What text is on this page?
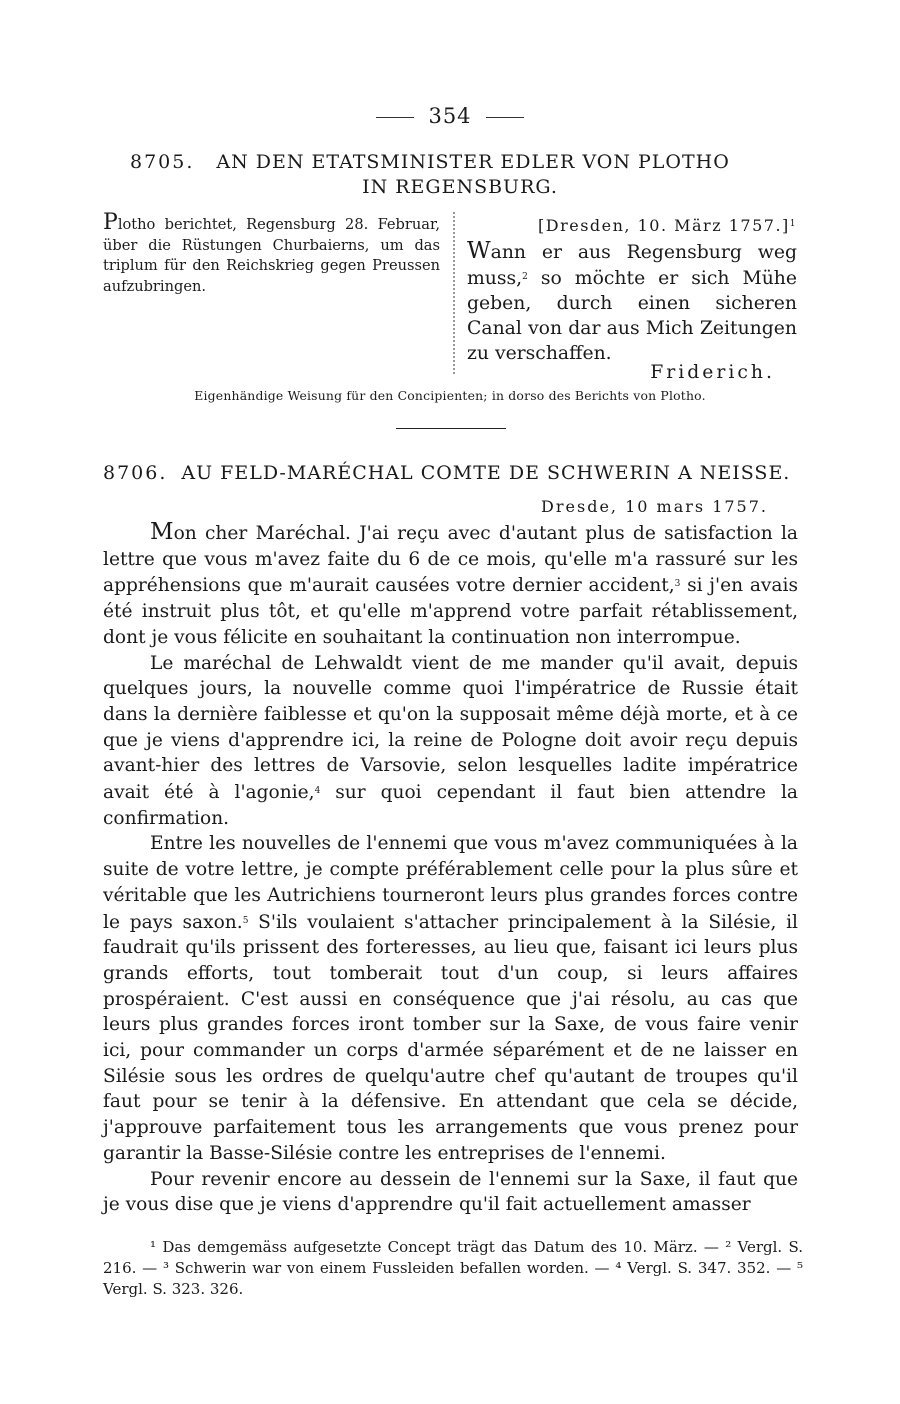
354
8705. AN DEN ETATSMINISTER EDLER VON PLOTHO
IN REGENSBURG.
Plotho berichtet, Regensburg 28. Februar, über die Rüstungen Churbaierns, um das triplum für den Reichskrieg gegen Preussen aufzubringen.
[Dresden, 10. März 1757.]$^1$
Wann er aus Regensburg weg muss,$^2$ so möchte er sich Mühe geben, durch einen sicheren Canal von dar aus Mich Zeitungen zu verschaffen.
Friderich.
Eigenhändige Weisung für den Concipienten; in dorso des Berichts von Plotho.
8706. AU FELD-MARÉCHAL COMTE DE SCHWERIN A NEISSE.
Dresde, 10 mars 1757.

Mon cher Maréchal. J'ai reçu avec d'autant plus de satisfaction la lettre que vous m'avez faite du 6 de ce mois, qu'elle m'a rassuré sur les appréhensions que m'aurait causées votre dernier accident,$^3$ si j'en avais été instruit plus tôt, et qu'elle m'apprend votre parfait rétablissement, dont je vous félicite en souhaitant la continuation non interrompue.

Le maréchal de Lehwaldt vient de me mander qu'il avait, depuis quelques jours, la nouvelle comme quoi l'impératrice de Russie était dans la dernière faiblesse et qu'on la supposait même déjà morte, et à ce que je viens d'apprendre ici, la reine de Pologne doit avoir reçu depuis avant-hier des lettres de Varsovie, selon lesquelles ladite impératrice avait été à l'agonie,$^4$ sur quoi cependant il faut bien attendre la confirmation.

Entre les nouvelles de l'ennemi que vous m'avez communiquées à la suite de votre lettre, je compte préférablement celle pour la plus sûre et véritable que les Autrichiens tourneront leurs plus grandes forces contre le pays saxon.$^5$ S'ils voulaient s'attacher principalement à la Silésie, il faudrait qu'ils prissent des forteresses, au lieu que, faisant ici leurs plus grands efforts, tout tomberait tout d'un coup, si leurs affaires prospéraient. C'est aussi en conséquence que j'ai résolu, au cas que leurs plus grandes forces iront tomber sur la Saxe, de vous faire venir ici, pour commander un corps d'armée séparément et de ne laisser en Silésie sous les ordres de quelqu'autre chef qu'autant de troupes qu'il faut pour se tenir à la défensive. En attendant que cela se décide, j'approuve parfaitement tous les arrangements que vous prenez pour garantir la Basse-Silésie contre les entreprises de l'ennemi.

Pour revenir encore au dessein de l'ennemi sur la Saxe, il faut que je vous dise que je viens d'apprendre qu'il fait actuellement amasser

¹ Das demgemäss aufgesetzte Concept trägt das Datum des 10. März. — ² Vergl. S. 216. — ³ Schwerin war von einem Fussleiden befallen worden. — ⁴ Vergl. S. 347. 352. — ⁵ Vergl. S. 323. 326.
